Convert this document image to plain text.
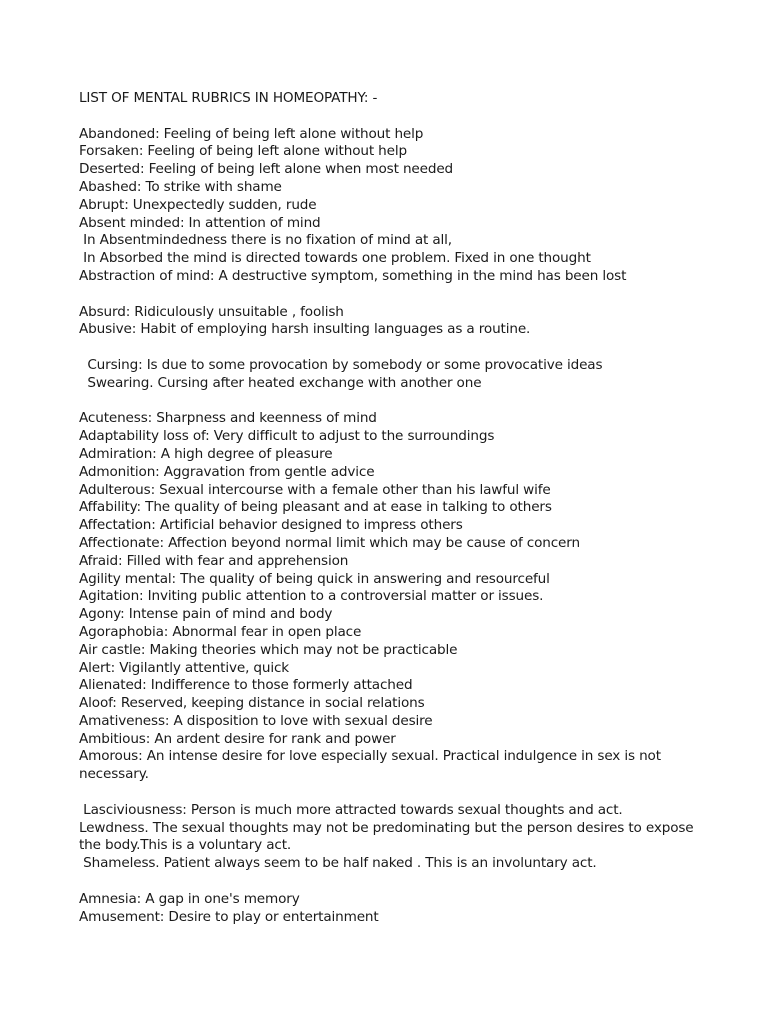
LIST OF MENTAL RUBRICS IN HOMEOPATHY: -
Abandoned: Feeling of being left alone without help
Forsaken: Feeling of being left alone without help
Deserted: Feeling of being left alone when most needed
Abashed: To strike with shame
Abrupt: Unexpectedly sudden, rude
Absent minded: In attention of mind
In Absentmindedness there is no fixation of mind at all,
In Absorbed the mind is directed towards one problem. Fixed in one thought
Abstraction of mind: A destructive symptom, something in the mind has been lost
Absurd: Ridiculously unsuitable , foolish
Abusive: Habit of employing harsh insulting languages as a routine.
Cursing: Is due to some provocation by somebody or some provocative ideas
Swearing. Cursing after heated exchange with another one
Acuteness: Sharpness and keenness of mind
Adaptability loss of: Very difficult to adjust to the surroundings
Admiration: A high degree of pleasure
Admonition: Aggravation from gentle advice
Adulterous: Sexual intercourse with a female other than his lawful wife
Affability: The quality of being pleasant and at ease in talking to others
Affectation: Artificial behavior designed to impress others
Affectionate: Affection beyond normal limit which may be cause of concern
Afraid: Filled with fear and apprehension
Agility mental: The quality of being quick in answering and resourceful
Agitation: Inviting public attention to a controversial matter or issues.
Agony: Intense pain of mind and body
Agoraphobia: Abnormal fear in open place
Air castle: Making theories which may not be practicable
Alert: Vigilantly attentive, quick
Alienated: Indifference to those formerly attached
Aloof: Reserved, keeping distance in social relations
Amativeness: A disposition to love with sexual desire
Ambitious: An ardent desire for rank and power
Amorous: An intense desire for love especially sexual. Practical indulgence in sex is not necessary.
Lasciviousness: Person is much more attracted towards sexual thoughts and act.
Lewdness. The sexual thoughts may not be predominating but the person desires to expose the body.This is a voluntary act.
Shameless. Patient always seem to be half naked . This is an involuntary act.
Amnesia: A gap in one's memory
Amusement: Desire to play or entertainment
